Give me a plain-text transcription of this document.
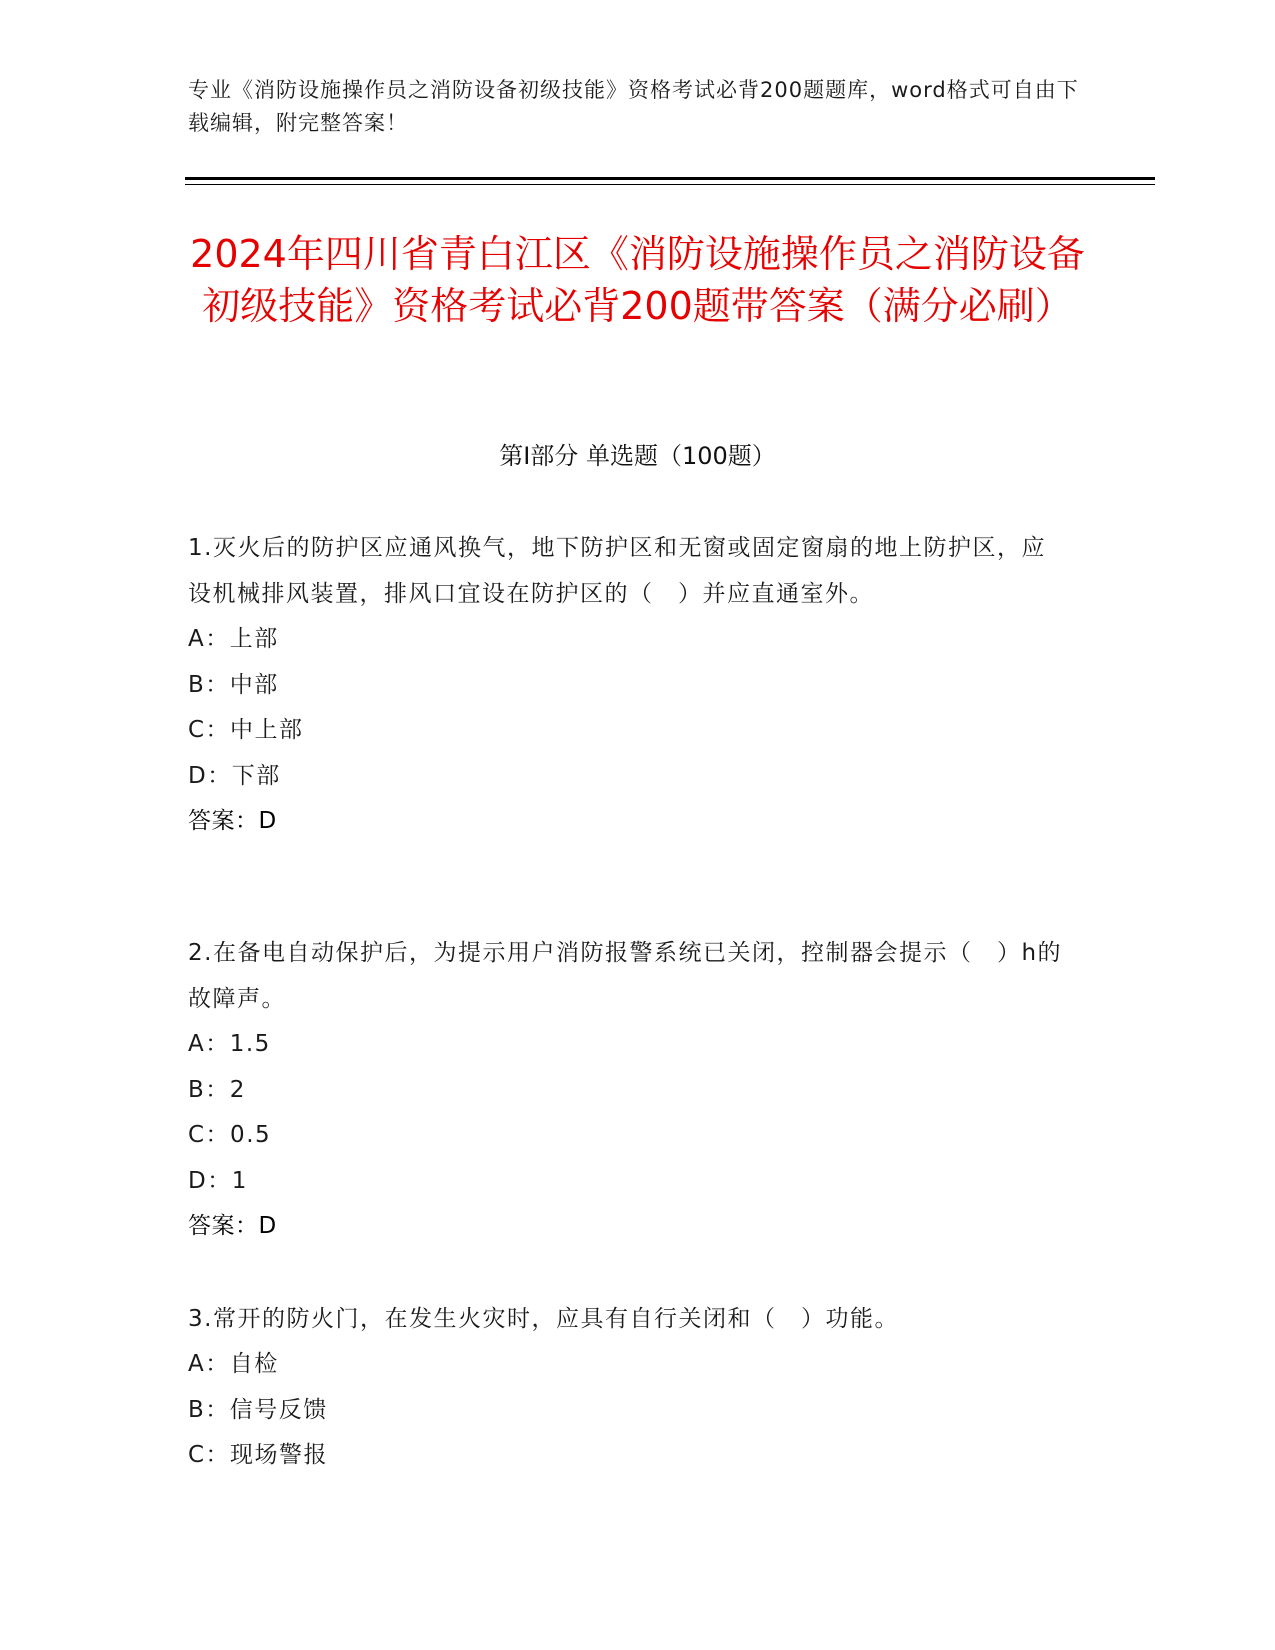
专业《消防设施操作员之消防设备初级技能》资格考试必背200题题库，word格式可自由下载编辑，附完整答案！
2024年四川省青白江区《消防设施操作员之消防设备初级技能》资格考试必背200题带答案（满分必刷）
第I部分 单选题（100题）

1.灭火后的防护区应通风换气，地下防护区和无窗或固定窗扇的地上防护区，应设机械排风装置，排风口宜设在防护区的（　）并应直通室外。

A：上部

B：中部

C：中上部

D：下部

答案：D

2.在备电自动保护后，为提示用户消防报警系统已关闭，控制器会提示（　）h的故障声。

A：1.5

B：2

C：0.5

D：1

答案：D

3.常开的防火门，在发生火灾时，应具有自行关闭和（　）功能。

A：自检

B：信号反馈

C：现场警报
